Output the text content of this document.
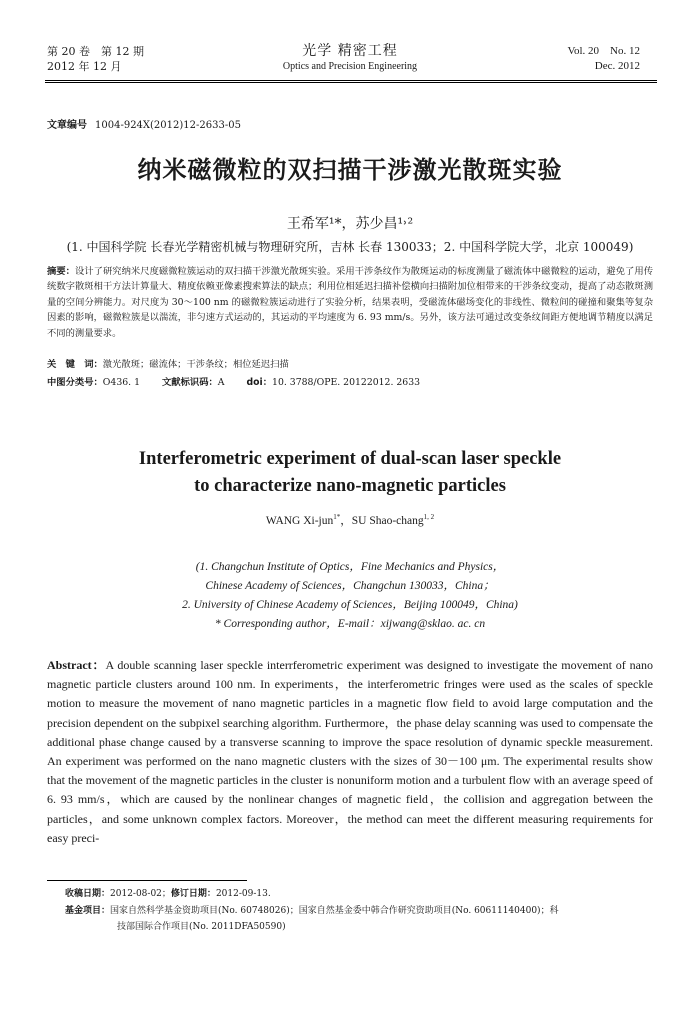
第 20 卷　第 12 期
2012 年 12 月
光学 精密工程
Optics and Precision Engineering
Vol. 20　No. 12
Dec. 2012
文章编号 1004-924X(2012)12-2633-05
纳米磁微粒的双扫描干涉激光散斑实验
王希军¹*，苏少昌¹˒²
(1. 中国科学院 长春光学精密机械与物理研究所，吉林 长春 130033；2. 中国科学院大学，北京 100049)
摘要：设计了研究纳米尺度磁微粒簇运动的双扫描干涉激光散斑实验。采用干涉条纹作为散斑运动的标度测量了磁流体中磁微粒的运动，避免了用传统数字散斑相干方法计算量大、精度依赖亚像素搜索算法的缺点；利用位相延迟扫描补偿横向扫描附加位相带来的干涉条纹变动，提高了动态散斑测量的空间分辨能力。对尺度为 30～100 nm 的磁微粒簇运动进行了实验分析，结果表明，受磁流体磁场变化的非线性、微粒间的碰撞和聚集等复杂因素的影响，磁微粒簇是以湍流，非匀速方式运动的，其运动的平均速度为 6. 93 mm/s。另外，该方法可通过改变条纹间距方便地调节精度以满足不同的测量要求。
关　键　词：激光散斑；磁流体；干涉条纹；相位延迟扫描
中图分类号：O436. 1 文献标识码：A doi：10. 3788/OPE. 20122012. 2633
Interferometric experiment of dual-scan laser speckle
to characterize nano-magnetic particles
WANG Xi-jun$^{1*}$，SU Shao-chang$^{1, 2}$
(1. Changchun Institute of Optics，Fine Mechanics and Physics，
Chinese Academy of Sciences，Changchun 130033，China；
2. University of Chinese Academy of Sciences，Beijing 100049，China)
* Corresponding author，E-mail：xijwang@sklao. ac. cn
Abstract：A double scanning laser speckle interrferometric experiment was designed to investigate the movement of nano magnetic particle clusters around 100 nm. In experiments，the interferometric fringes were used as the scales of speckle motion to measure the movement of nano magnetic particles in a magnetic flow field to avoid large computation and the precision dependent on the subpixel searching algorithm. Furthermore，the phase delay scanning was used to compensate the additional phase change caused by a transverse scanning to improve the space resolution of dynamic speckle measurement. An experiment was performed on the nano magnetic clusters with the sizes of 30－100 μm. The experimental results show that the movement of the magnetic particles in the cluster is nonuniform motion and a turbulent flow with an average speed of 6. 93 mm/s，which are caused by the nonlinear changes of magnetic field，the collision and aggregation between the particles，and some unknown complex factors. Moreover，the method can meet the different measuring requirements for easy preci-
收稿日期：2012-08-02；修订日期：2012-09-13.
基金项目：国家自然科学基金资助项目(No. 60748026)；国家自然基金委中韩合作研究资助项目(No. 60611140400)；科
技部国际合作项目(No. 2011DFA50590)
